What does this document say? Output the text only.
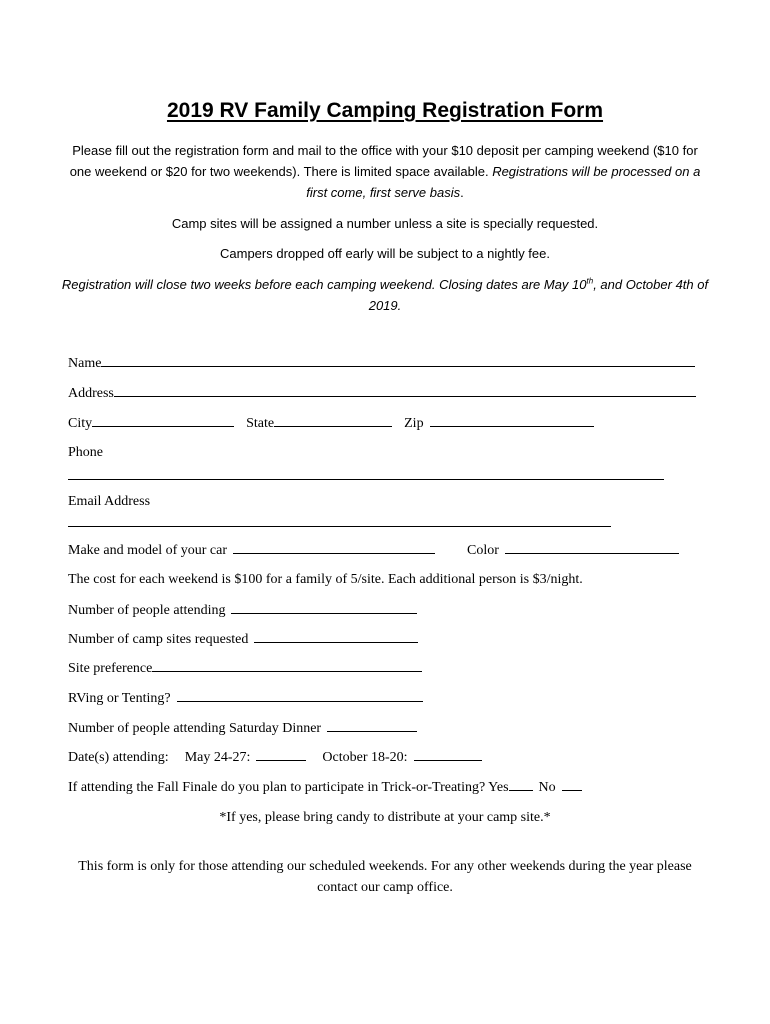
2019 RV Family Camping Registration Form
Please fill out the registration form and mail to the office with your $10 deposit per camping weekend ($10 for one weekend or $20 for two weekends). There is limited space available. Registrations will be processed on a first come, first serve basis.
Camp sites will be assigned a number unless a site is specially requested.
Campers dropped off early will be subject to a nightly fee.
Registration will close two weeks before each camping weekend. Closing dates are May 10th, and October 4th of 2019.
Name
Address
City	State	Zip
Phone
Email Address
Make and model of your car	Color
The cost for each weekend is $100 for a family of 5/site. Each additional person is $3/night.
Number of people attending
Number of camp sites requested
Site preference
RVing or Tenting?
Number of people attending Saturday Dinner
Date(s) attending: May 24-27:	October 18-20:
If attending the Fall Finale do you plan to participate in Trick-or-Treating? Yes No
*If yes, please bring candy to distribute at your camp site.*
This form is only for those attending our scheduled weekends. For any other weekends during the year please contact our camp office.
